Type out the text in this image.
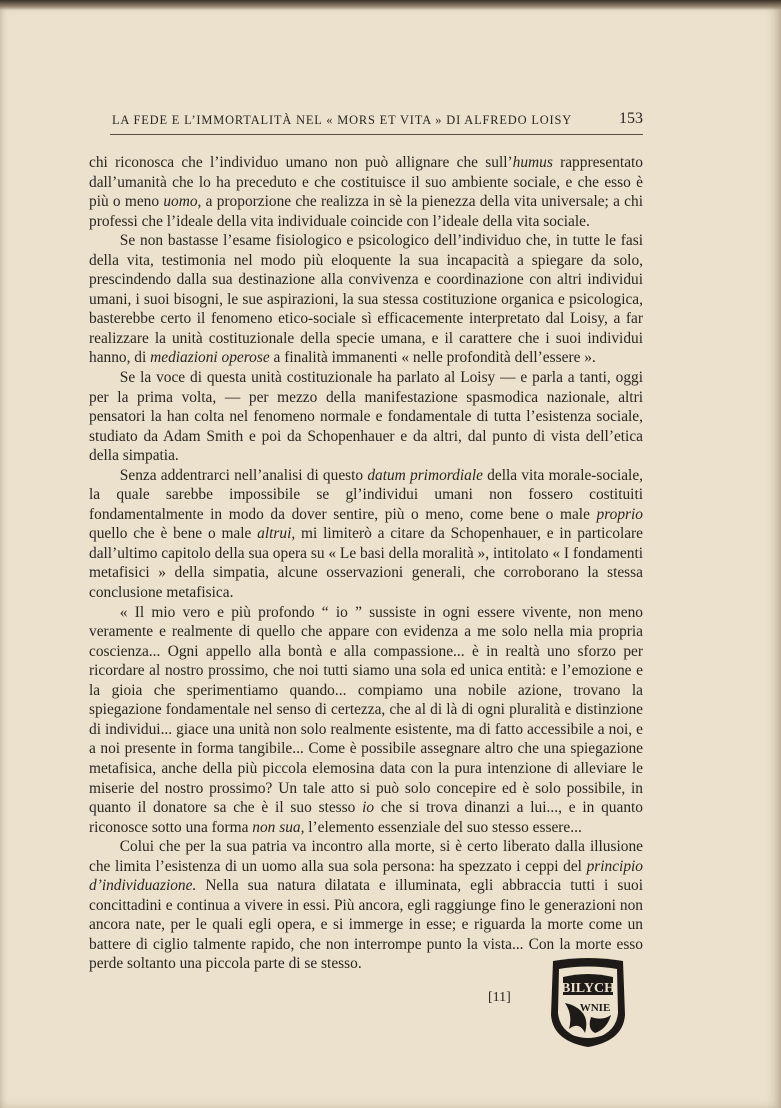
LA FEDE E L’IMMORTALITÀ NEL « MORS ET VITA » DI ALFREDO LOISY	153

chi riconosca che l’individuo umano non può allignare che sull’humus rappresentato dall’umanità che lo ha preceduto e che costituisce il suo ambiente sociale, e che esso è più o meno uomo, a proporzione che realizza in sè la pienezza della vita universale; a chi professi che l’ideale della vita individuale coincide con l’ideale della vita sociale.

Se non bastasse l’esame fisiologico e psicologico dell’individuo che, in tutte le fasi della vita, testimonia nel modo più eloquente la sua incapacità a spiegare da solo, prescindendo dalla sua destinazione alla convivenza e coordinazione con altri individui umani, i suoi bisogni, le sue aspirazioni, la sua stessa costituzione organica e psicologica, basterebbe certo il fenomeno etico-sociale sì efficacemente interpretato dal Loisy, a far realizzare la unità costituzionale della specie umana, e il carattere che i suoi individui hanno, di mediazioni operose a finalità immanenti « nelle profondità dell’essere ».

Se la voce di questa unità costituzionale ha parlato al Loisy — e parla a tanti, oggi per la prima volta, — per mezzo della manifestazione spasmodica nazionale, altri pensatori la han colta nel fenomeno normale e fondamentale di tutta l’esistenza sociale, studiato da Adam Smith e poi da Schopenhauer e da altri, dal punto di vista dell’etica della simpatia.

Senza addentrarci nell’analisi di questo datum primordiale della vita morale-sociale, la quale sarebbe impossibile se gl’individui umani non fossero costituiti fondamentalmente in modo da dover sentire, più o meno, come bene o male proprio quello che è bene o male altrui, mi limiterò a citare da Schopenhauer, e in particolare dall’ultimo capitolo della sua opera su « Le basi della moralità », intitolato « I fondamenti metafisici » della simpatia, alcune osservazioni generali, che corroborano la stessa conclusione metafisica.

« Il mio vero e più profondo “ io ” sussiste in ogni essere vivente, non meno veramente e realmente di quello che appare con evidenza a me solo nella mia propria coscienza... Ogni appello alla bontà e alla compassione... è in realtà uno sforzo per ricordare al nostro prossimo, che noi tutti siamo una sola ed unica entità: e l’emozione e la gioia che sperimentiamo quando... compiamo una nobile azione, trovano la spiegazione fondamentale nel senso di certezza, che al di là di ogni pluralità e distinzione di individui... giace una unità non solo realmente esistente, ma di fatto accessibile a noi, e a noi presente in forma tangibile... Come è possibile assegnare altro che una spiegazione metafisica, anche della più piccola elemosina data con la pura intenzione di alleviare le miserie del nostro prossimo? Un tale atto si può solo concepire ed è solo possibile, in quanto il donatore sa che è il suo stesso io che si trova dinanzi a lui..., e in quanto riconosce sotto una forma non sua, l’elemento essenziale del suo stesso essere...

Colui che per la sua patria va incontro alla morte, si è certo liberato dalla illusione che limita l’esistenza di un uomo alla sua sola persona: ha spezzato i ceppi del principio d’individuazione. Nella sua natura dilatata e illuminata, egli abbraccia tutti i suoi concittadini e continua a vivere in essi. Più ancora, egli raggiunge fino le generazioni non ancora nate, per le quali egli opera, e si immerge in esse; e riguarda la morte come un battere di ciglio talmente rapido, che non interrompe punto la vista... Con la morte esso perde soltanto una piccola parte di se stesso.

[11]
BILYCH
WNIE
